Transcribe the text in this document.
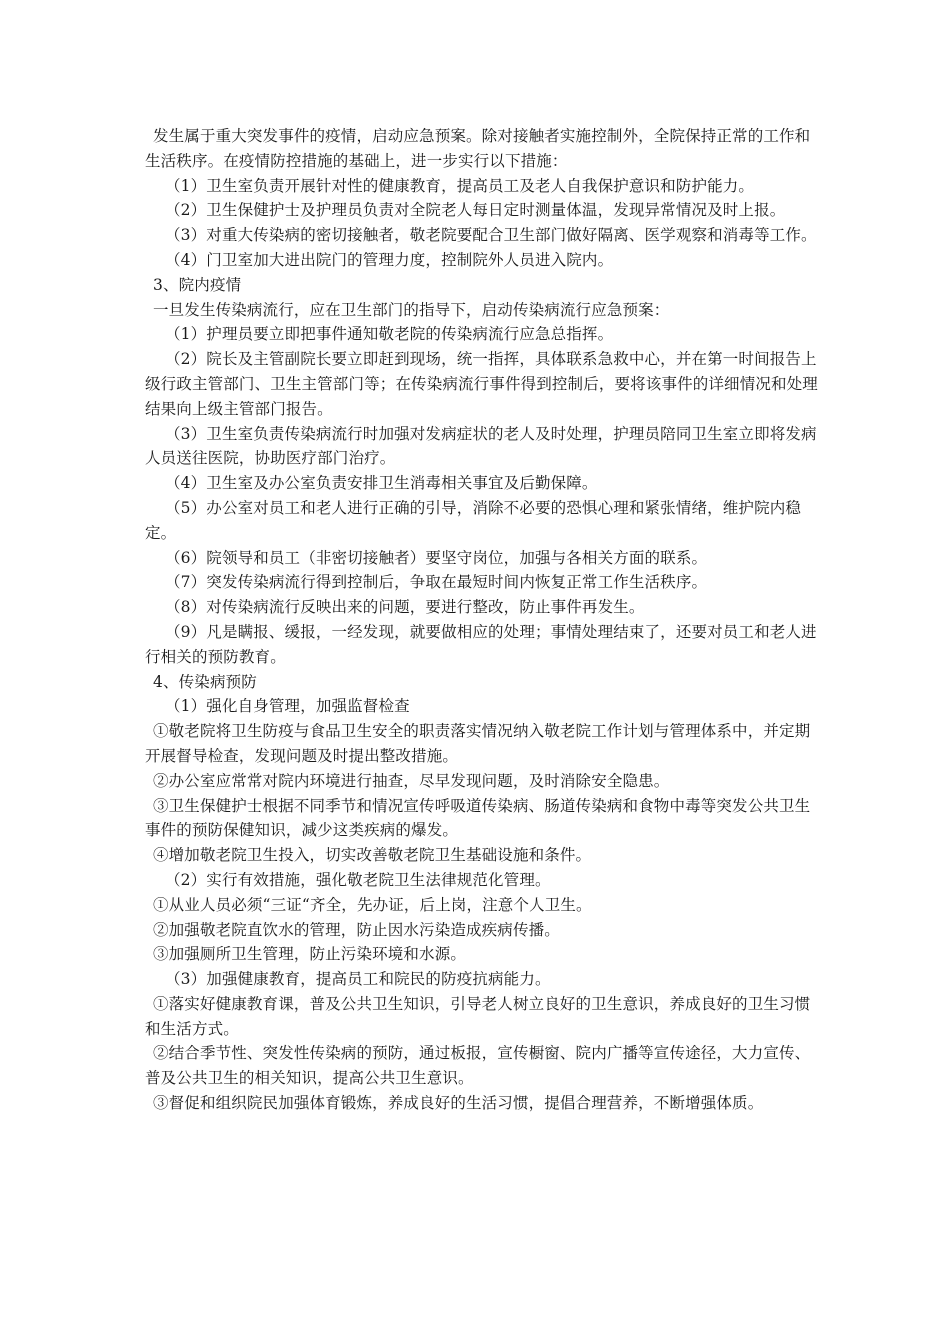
发生属于重大突发事件的疫情，启动应急预案。除对接触者实施控制外，全院保持正常的工作和生活秩序。在疫情防控措施的基础上，进一步实行以下措施：

（1）卫生室负责开展针对性的健康教育，提高员工及老人自我保护意识和防护能力。

（2）卫生保健护士及护理员负责对全院老人每日定时测量体温，发现异常情况及时上报。

（3）对重大传染病的密切接触者，敬老院要配合卫生部门做好隔离、医学观察和消毒等工作。

（4）门卫室加大进出院门的管理力度，控制院外人员进入院内。

3、院内疫情

一旦发生传染病流行，应在卫生部门的指导下，启动传染病流行应急预案：

（1）护理员要立即把事件通知敬老院的传染病流行应急总指挥。

（2）院长及主管副院长要立即赶到现场，统一指挥，具体联系急救中心，并在第一时间报告上级行政主管部门、卫生主管部门等；在传染病流行事件得到控制后，要将该事件的详细情况和处理结果向上级主管部门报告。

（3）卫生室负责传染病流行时加强对发病症状的老人及时处理，护理员陪同卫生室立即将发病人员送往医院，协助医疗部门治疗。

（4）卫生室及办公室负责安排卫生消毒相关事宜及后勤保障。

（5）办公室对员工和老人进行正确的引导，消除不必要的恐惧心理和紧张情绪，维护院内稳定。

（6）院领导和员工（非密切接触者）要坚守岗位，加强与各相关方面的联系。

（7）突发传染病流行得到控制后，争取在最短时间内恢复正常工作生活秩序。

（8）对传染病流行反映出来的问题，要进行整改，防止事件再发生。

（9）凡是瞒报、缓报，一经发现，就要做相应的处理；事情处理结束了，还要对员工和老人进行相关的预防教育。

4、传染病预防

（1）强化自身管理，加强监督检查

①敬老院将卫生防疫与食品卫生安全的职责落实情况纳入敬老院工作计划与管理体系中，并定期开展督导检查，发现问题及时提出整改措施。

②办公室应常常对院内环境进行抽查，尽早发现问题，及时消除安全隐患。

③卫生保健护士根据不同季节和情况宣传呼吸道传染病、肠道传染病和食物中毒等突发公共卫生事件的预防保健知识，减少这类疾病的爆发。

④增加敬老院卫生投入，切实改善敬老院卫生基础设施和条件。

（2）实行有效措施，强化敬老院卫生法律规范化管理。

①从业人员必须“三证“齐全，先办证，后上岗，注意个人卫生。

②加强敬老院直饮水的管理，防止因水污染造成疾病传播。

③加强厕所卫生管理，防止污染环境和水源。

（3）加强健康教育，提高员工和院民的防疫抗病能力。

①落实好健康教育课，普及公共卫生知识，引导老人树立良好的卫生意识，养成良好的卫生习惯和生活方式。

②结合季节性、突发性传染病的预防，通过板报，宣传橱窗、院内广播等宣传途径，大力宣传、普及公共卫生的相关知识，提高公共卫生意识。

③督促和组织院民加强体育锻炼，养成良好的生活习惯，提倡合理营养，不断增强体质。
